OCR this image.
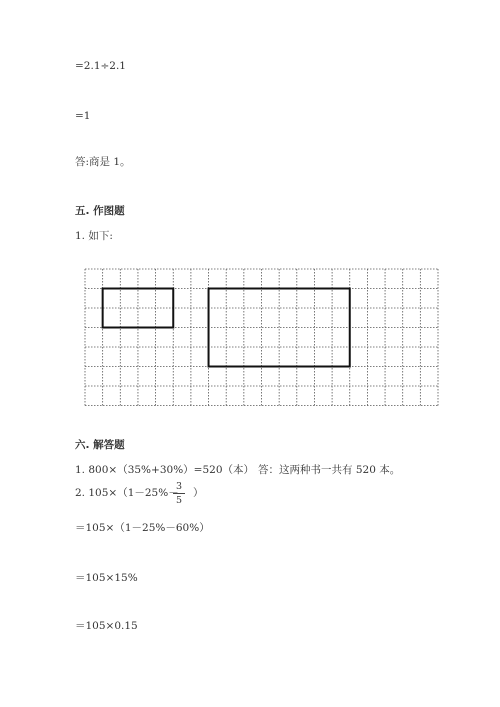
=2.1÷2.1
=1
答:商是 1。
五. 作图题
1. 如下:
六. 解答题
1. 800×（35%+30%）=520（本） 答：这两种书一共有 520 本。
2. 105×（1－25%－
3
5
）
＝105×（1－25%－60%）
＝105×15%
＝105×0.15
